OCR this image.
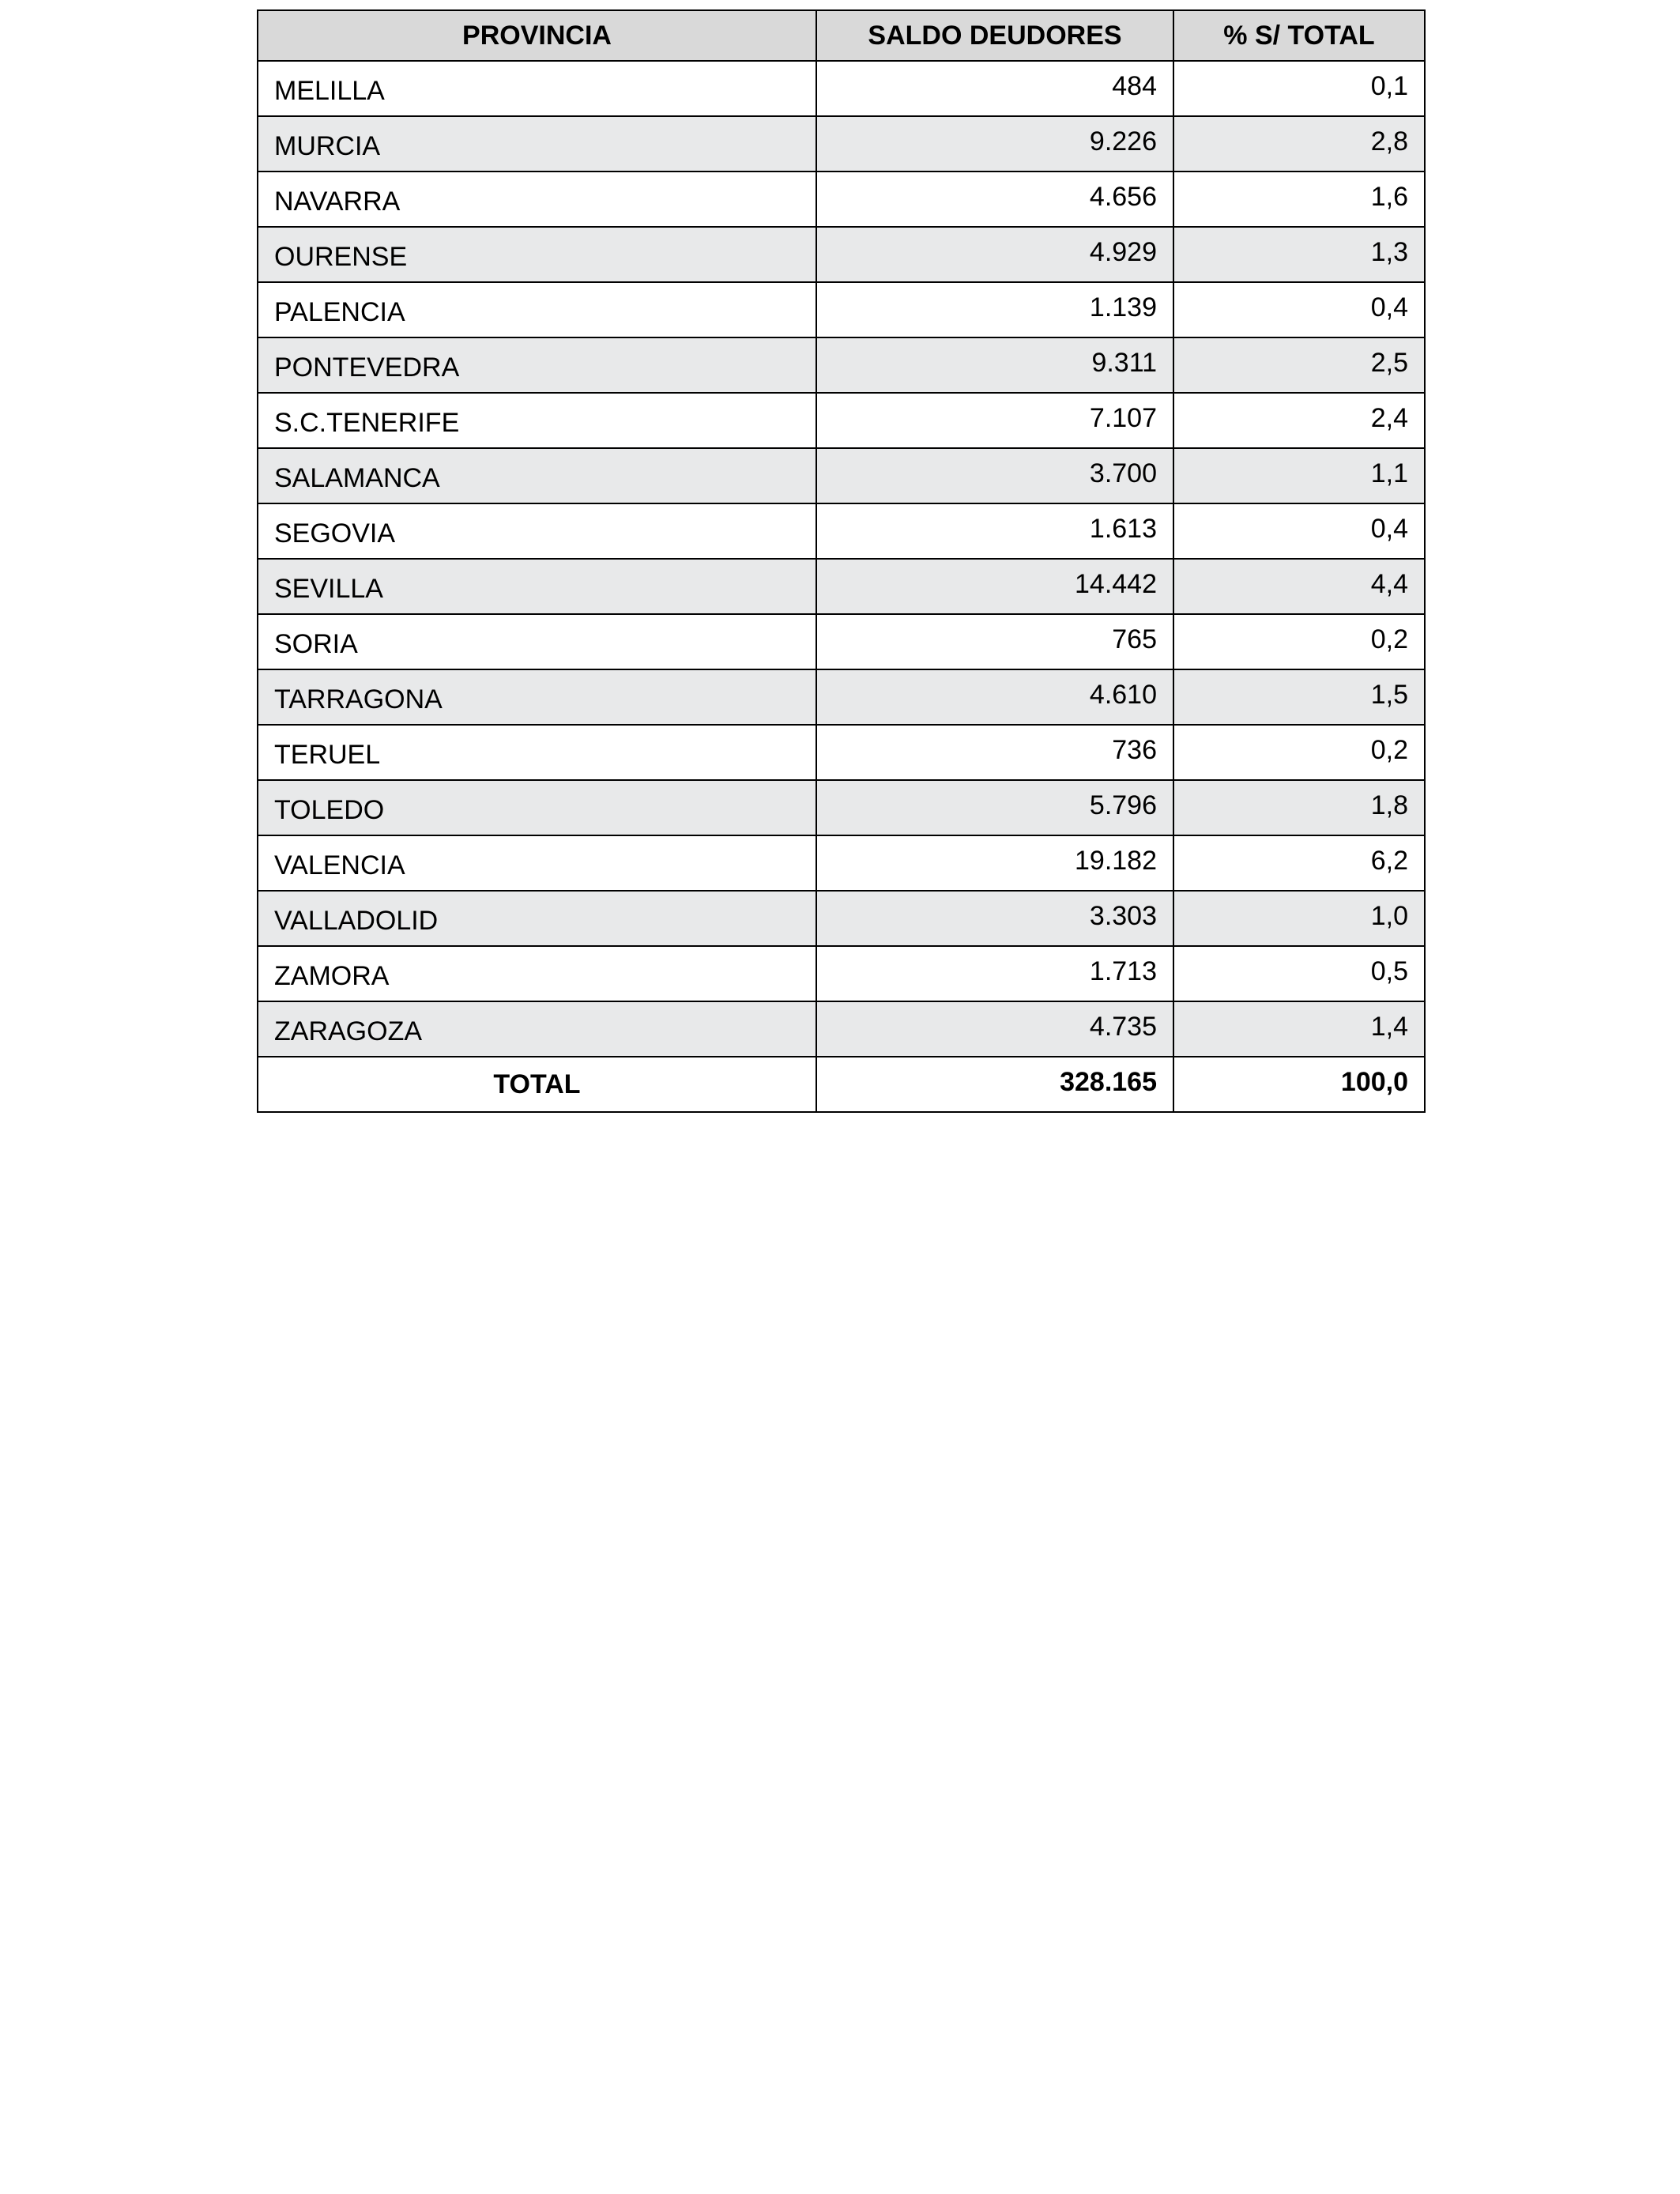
PROVINCIA	SALDO DEUDORES	% S/ TOTAL
MELILLA	484	0,1
MURCIA	9.226	2,8
NAVARRA	4.656	1,6
OURENSE	4.929	1,3
PALENCIA	1.139	0,4
PONTEVEDRA	9.311	2,5
S.C.TENERIFE	7.107	2,4
SALAMANCA	3.700	1,1
SEGOVIA	1.613	0,4
SEVILLA	14.442	4,4
SORIA	765	0,2
TARRAGONA	4.610	1,5
TERUEL	736	0,2
TOLEDO	5.796	1,8
VALENCIA	19.182	6,2
VALLADOLID	3.303	1,0
ZAMORA	1.713	0,5
ZARAGOZA	4.735	1,4
TOTAL	328.165	100,0
